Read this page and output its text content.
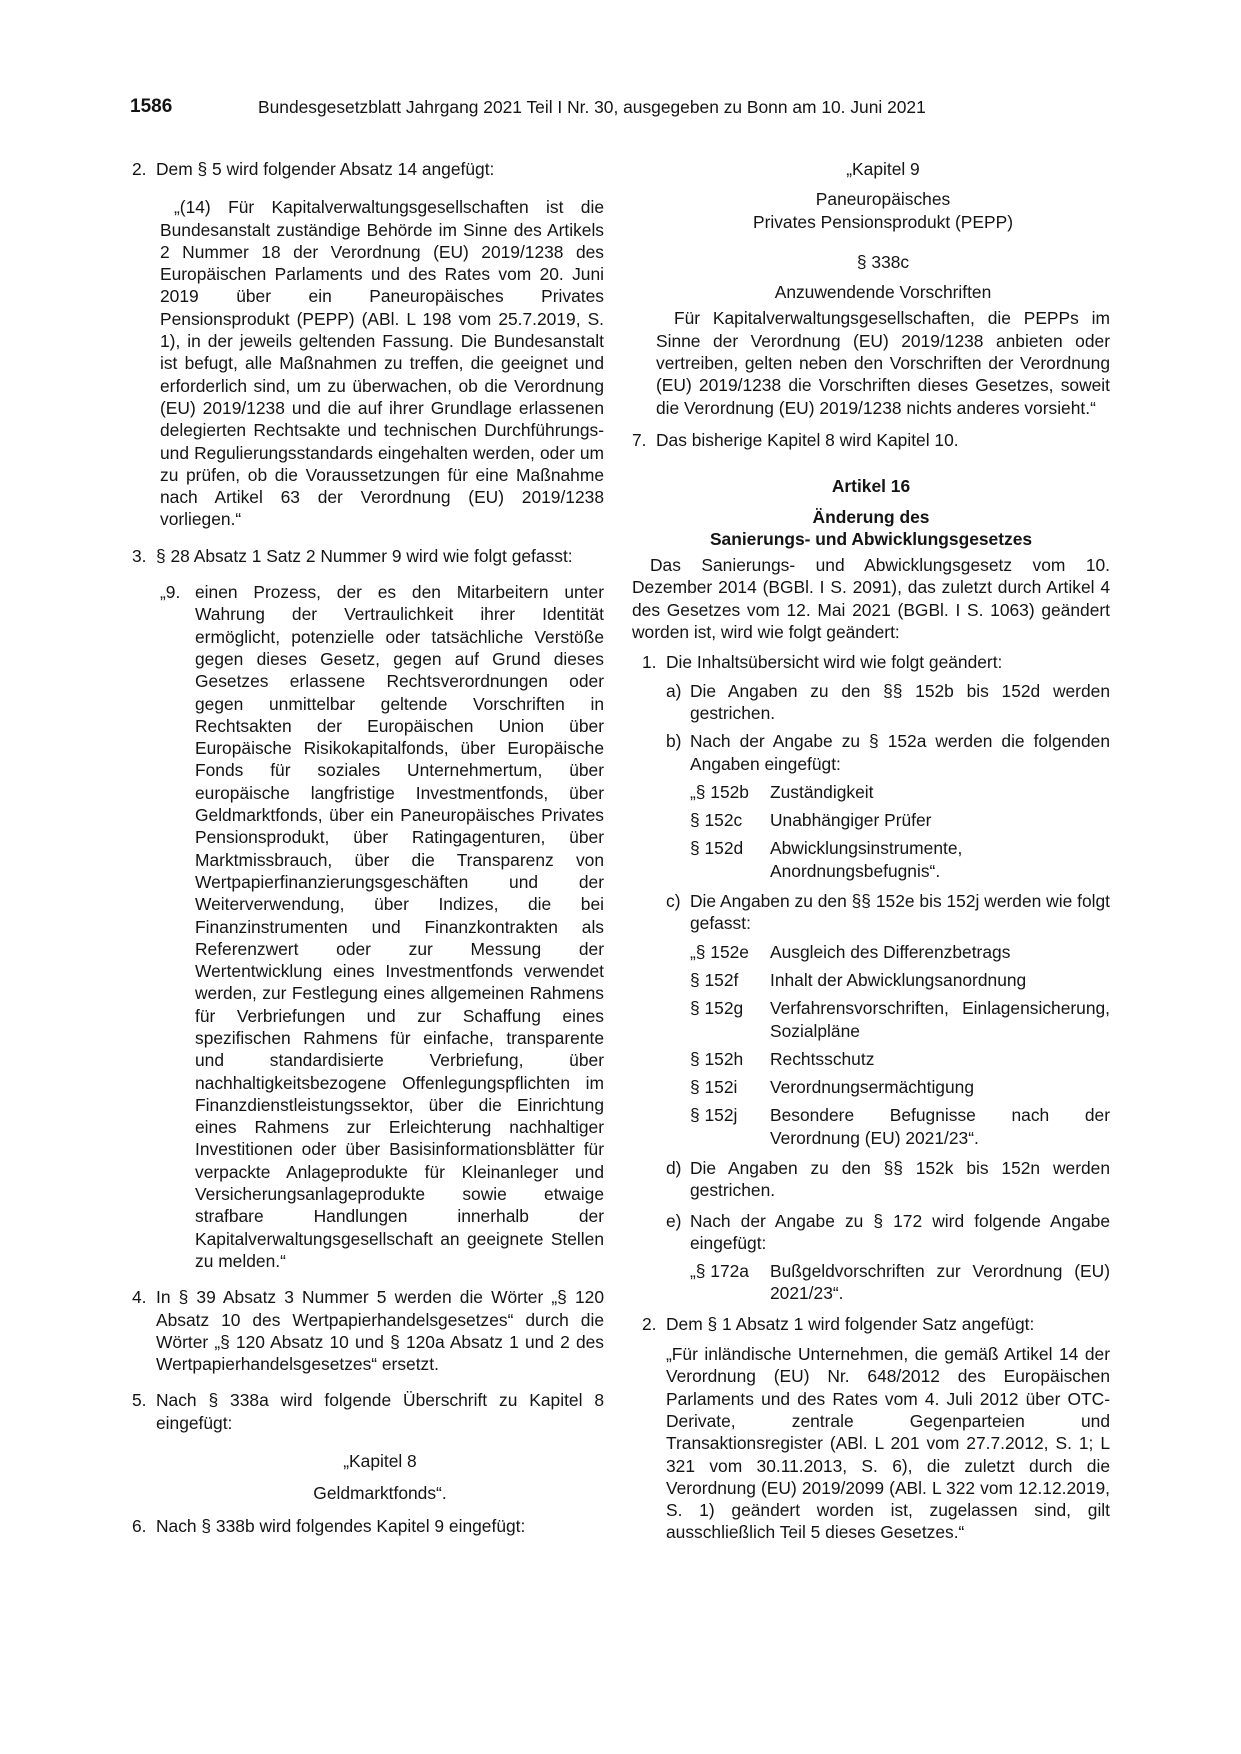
1586	Bundesgesetzblatt Jahrgang 2021 Teil I Nr. 30, ausgegeben zu Bonn am 10. Juni 2021
2. Dem § 5 wird folgender Absatz 14 angefügt:

„(14) Für Kapitalverwaltungsgesellschaften ist die Bundesanstalt zuständige Behörde im Sinne des Artikels 2 Nummer 18 der Verordnung (EU) 2019/1238 des Europäischen Parlaments und des Rates vom 20. Juni 2019 über ein Paneuropäisches Privates Pensionsprodukt (PEPP) (ABl. L 198 vom 25.7.2019, S. 1), in der jeweils geltenden Fassung. Die Bundesanstalt ist befugt, alle Maßnahmen zu treffen, die geeignet und erforderlich sind, um zu überwachen, ob die Verordnung (EU) 2019/1238 und die auf ihrer Grundlage erlassenen delegierten Rechtsakte und technischen Durchführungs- und Regulierungsstandards eingehalten werden, oder um zu prüfen, ob die Voraussetzungen für eine Maßnahme nach Artikel 63 der Verordnung (EU) 2019/1238 vorliegen.“

3. § 28 Absatz 1 Satz 2 Nummer 9 wird wie folgt gefasst:
„9. einen Prozess, der es den Mitarbeitern unter Wahrung der Vertraulichkeit ihrer Identität ermöglicht, potenzielle oder tatsächliche Verstöße gegen dieses Gesetz, gegen auf Grund dieses Gesetzes erlassene Rechtsverordnungen oder gegen unmittelbar geltende Vorschriften in Rechtsakten der Europäischen Union über Europäische Risikokapitalfonds, über Europäische Fonds für soziales Unternehmertum, über europäische langfristige Investmentfonds, über Geldmarktfonds, über ein Paneuropäisches Privates Pensionsprodukt, über Ratingagenturen, über Marktmissbrauch, über die Transparenz von Wertpapierfinanzierungsgeschäften und der Weiterverwendung, über Indizes, die bei Finanzinstrumenten und Finanzkontrakten als Referenzwert oder zur Messung der Wertentwicklung eines Investmentfonds verwendet werden, zur Festlegung eines allgemeinen Rahmens für Verbriefungen und zur Schaffung eines spezifischen Rahmens für einfache, transparente und standardisierte Verbriefung, über nachhaltigkeitsbezogene Offenlegungspflichten im Finanzdienstleistungssektor, über die Einrichtung eines Rahmens zur Erleichterung nachhaltiger Investitionen oder über Basisinformationsblätter für verpackte Anlageprodukte für Kleinanleger und Versicherungsanlageprodukte sowie etwaige strafbare Handlungen innerhalb der Kapitalverwaltungsgesellschaft an geeignete Stellen zu melden.“
4. In § 39 Absatz 3 Nummer 5 werden die Wörter „§ 120 Absatz 10 des Wertpapierhandelsgesetzes“ durch die Wörter „§ 120 Absatz 10 und § 120a Absatz 1 und 2 des Wertpapierhandelsgesetzes“ ersetzt.
5. Nach § 338a wird folgende Überschrift zu Kapitel 8 eingefügt:

„Kapitel 8

Geldmarktfonds“.

6. Nach § 338b wird folgendes Kapitel 9 eingefügt:

„Kapitel 9

Paneuropäisches

Privates Pensionsprodukt (PEPP)

§ 338c

Anzuwendende Vorschriften

Für Kapitalverwaltungsgesellschaften, die PEPPs im Sinne der Verordnung (EU) 2019/1238 anbieten oder vertreiben, gelten neben den Vorschriften der Verordnung (EU) 2019/1238 die Vorschriften dieses Gesetzes, soweit die Verordnung (EU) 2019/1238 nichts anderes vorsieht.“

7. Das bisherige Kapitel 8 wird Kapitel 10.

Artikel 16

Änderung des

Sanierungs- und Abwicklungsgesetzes

Das Sanierungs- und Abwicklungsgesetz vom 10. Dezember 2014 (BGBl. I S. 2091), das zuletzt durch Artikel 4 des Gesetzes vom 12. Mai 2021 (BGBl. I S. 1063) geändert worden ist, wird wie folgt geändert:

1. Die Inhaltsübersicht wird wie folgt geändert:
a) Die Angaben zu den §§ 152b bis 152d werden gestrichen.
b) Nach der Angabe zu § 152a werden die folgenden Angaben eingefügt:
„§ 152b	Zuständigkeit
§ 152c	Unabhängiger Prüfer
§ 152d	Abwicklungsinstrumente, Anordnungsbefugnis“.
c) Die Angaben zu den §§ 152e bis 152j werden wie folgt gefasst:
„§ 152e	Ausgleich des Differenzbetrags
§ 152f	Inhalt der Abwicklungsanordnung
§ 152g	Verfahrensvorschriften, Einlagensicherung, Sozialpläne
§ 152h	Rechtsschutz
§ 152i	Verordnungsermächtigung
§ 152j	Besondere Befugnisse nach der Verordnung (EU) 2021/23“.
d) Die Angaben zu den §§ 152k bis 152n werden gestrichen.
e) Nach der Angabe zu § 172 wird folgende Angabe eingefügt:
„§ 172a	Bußgeldvorschriften zur Verordnung (EU) 2021/23“.
2. Dem § 1 Absatz 1 wird folgender Satz angefügt:

„Für inländische Unternehmen, die gemäß Artikel 14 der Verordnung (EU) Nr. 648/2012 des Europäischen Parlaments und des Rates vom 4. Juli 2012 über OTC-Derivate, zentrale Gegenparteien und Transaktionsregister (ABl. L 201 vom 27.7.2012, S. 1; L 321 vom 30.11.2013, S. 6), die zuletzt durch die Verordnung (EU) 2019/2099 (ABl. L 322 vom 12.12.2019, S. 1) geändert worden ist, zugelassen sind, gilt ausschließlich Teil 5 dieses Gesetzes.“
